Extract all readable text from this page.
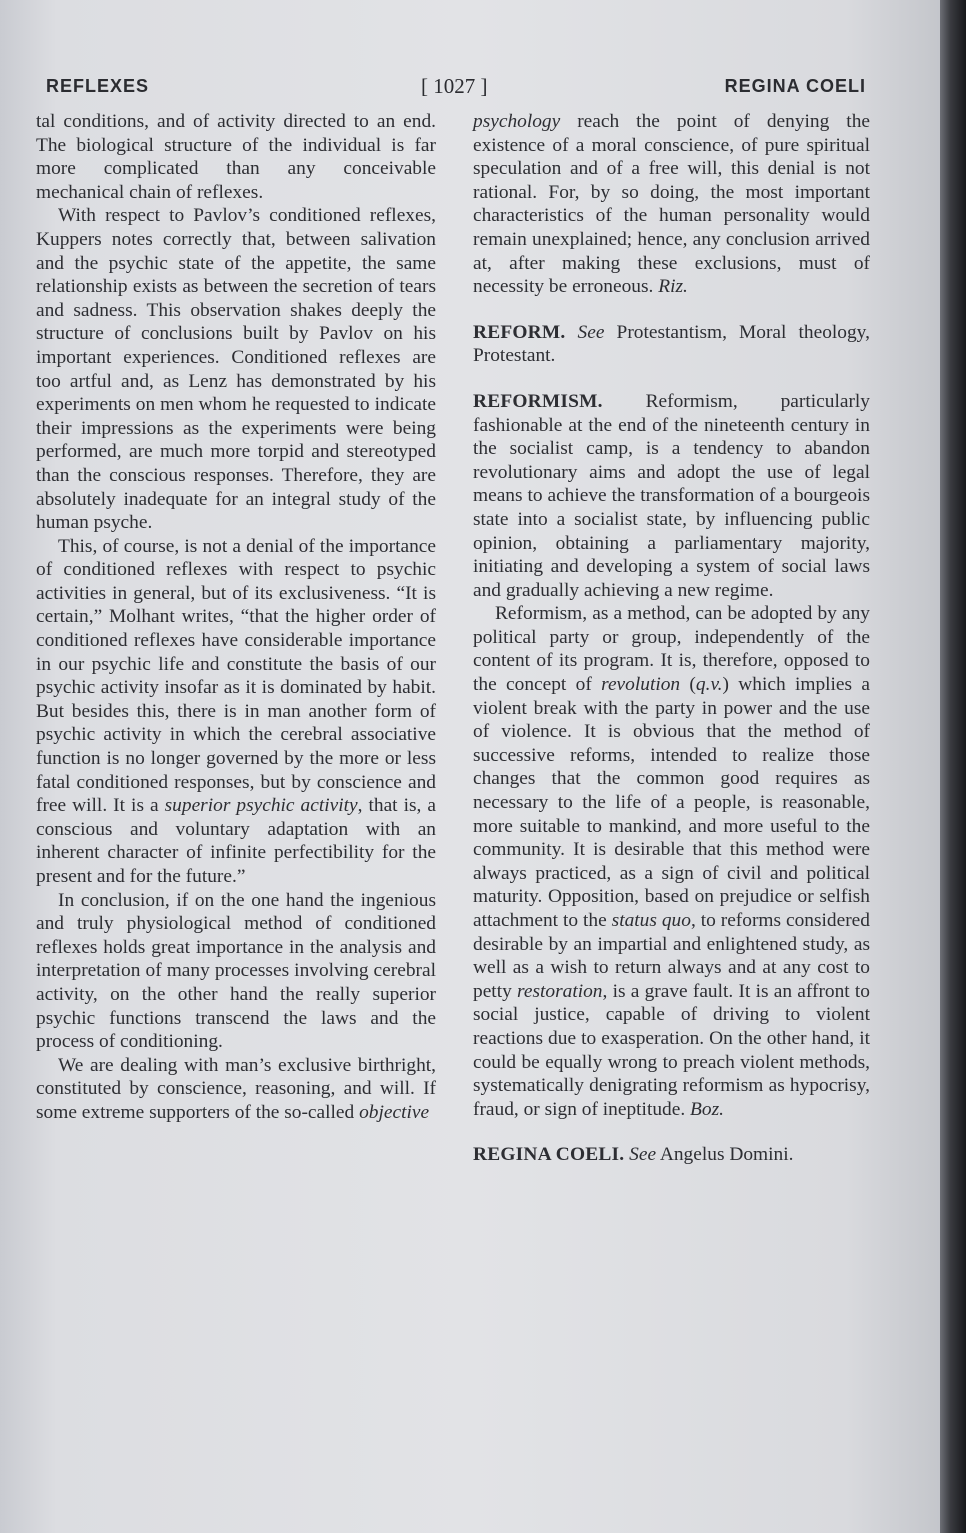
REFLEXES	[ 1027 ]	REGINA COELI

tal conditions, and of activity directed to an end. The biological structure of the individual is far more complicated than any conceivable mechanical chain of reflexes.

With respect to Pavlov’s conditioned reflexes, Kuppers notes correctly that, between salivation and the psychic state of the appetite, the same relationship exists as between the secretion of tears and sadness. This observation shakes deeply the structure of conclusions built by Pavlov on his important experiences. Conditioned reflexes are too artful and, as Lenz has demonstrated by his experiments on men whom he requested to indicate their impressions as the experiments were being performed, are much more torpid and stereotyped than the conscious responses. Therefore, they are absolutely inadequate for an integral study of the human psyche.

This, of course, is not a denial of the importance of conditioned reflexes with respect to psychic activities in general, but of its exclusiveness. “It is certain,” Molhant writes, “that the higher order of conditioned reflexes have considerable importance in our psychic life and constitute the basis of our psychic activity insofar as it is dominated by habit. But besides this, there is in man another form of psychic activity in which the cerebral associative function is no longer governed by the more or less fatal conditioned responses, but by conscience and free will. It is a superior psychic activity, that is, a conscious and voluntary adaptation with an inherent character of infinite perfectibility for the present and for the future.”

In conclusion, if on the one hand the ingenious and truly physiological method of conditioned reflexes holds great importance in the analysis and interpretation of many processes involving cerebral activity, on the other hand the really superior psychic functions transcend the laws and the process of conditioning.

We are dealing with man’s exclusive birthright, constituted by conscience, reasoning, and will. If some extreme supporters of the so-called objective

psychology reach the point of denying the existence of a moral conscience, of pure spiritual speculation and of a free will, this denial is not rational. For, by so doing, the most important characteristics of the human personality would remain unexplained; hence, any conclusion arrived at, after making these exclusions, must of necessity be erroneous. Riz.

REFORM. See Protestantism, Moral theology, Protestant.

REFORMISM. Reformism, particularly fashionable at the end of the nineteenth century in the socialist camp, is a tendency to abandon revolutionary aims and adopt the use of legal means to achieve the transformation of a bourgeois state into a socialist state, by influencing public opinion, obtaining a parliamentary majority, initiating and developing a system of social laws and gradually achieving a new regime.

Reformism, as a method, can be adopted by any political party or group, independently of the content of its program. It is, therefore, opposed to the concept of revolution (q.v.) which implies a violent break with the party in power and the use of violence. It is obvious that the method of successive reforms, intended to realize those changes that the common good requires as necessary to the life of a people, is reasonable, more suitable to mankind, and more useful to the community. It is desirable that this method were always practiced, as a sign of civil and political maturity. Opposition, based on prejudice or selfish attachment to the status quo, to reforms considered desirable by an impartial and enlightened study, as well as a wish to return always and at any cost to petty restoration, is a grave fault. It is an affront to social justice, capable of driving to violent reactions due to exasperation. On the other hand, it could be equally wrong to preach violent methods, systematically denigrating reformism as hypocrisy, fraud, or sign of ineptitude. Boz.

REGINA COELI. See Angelus Domini.
